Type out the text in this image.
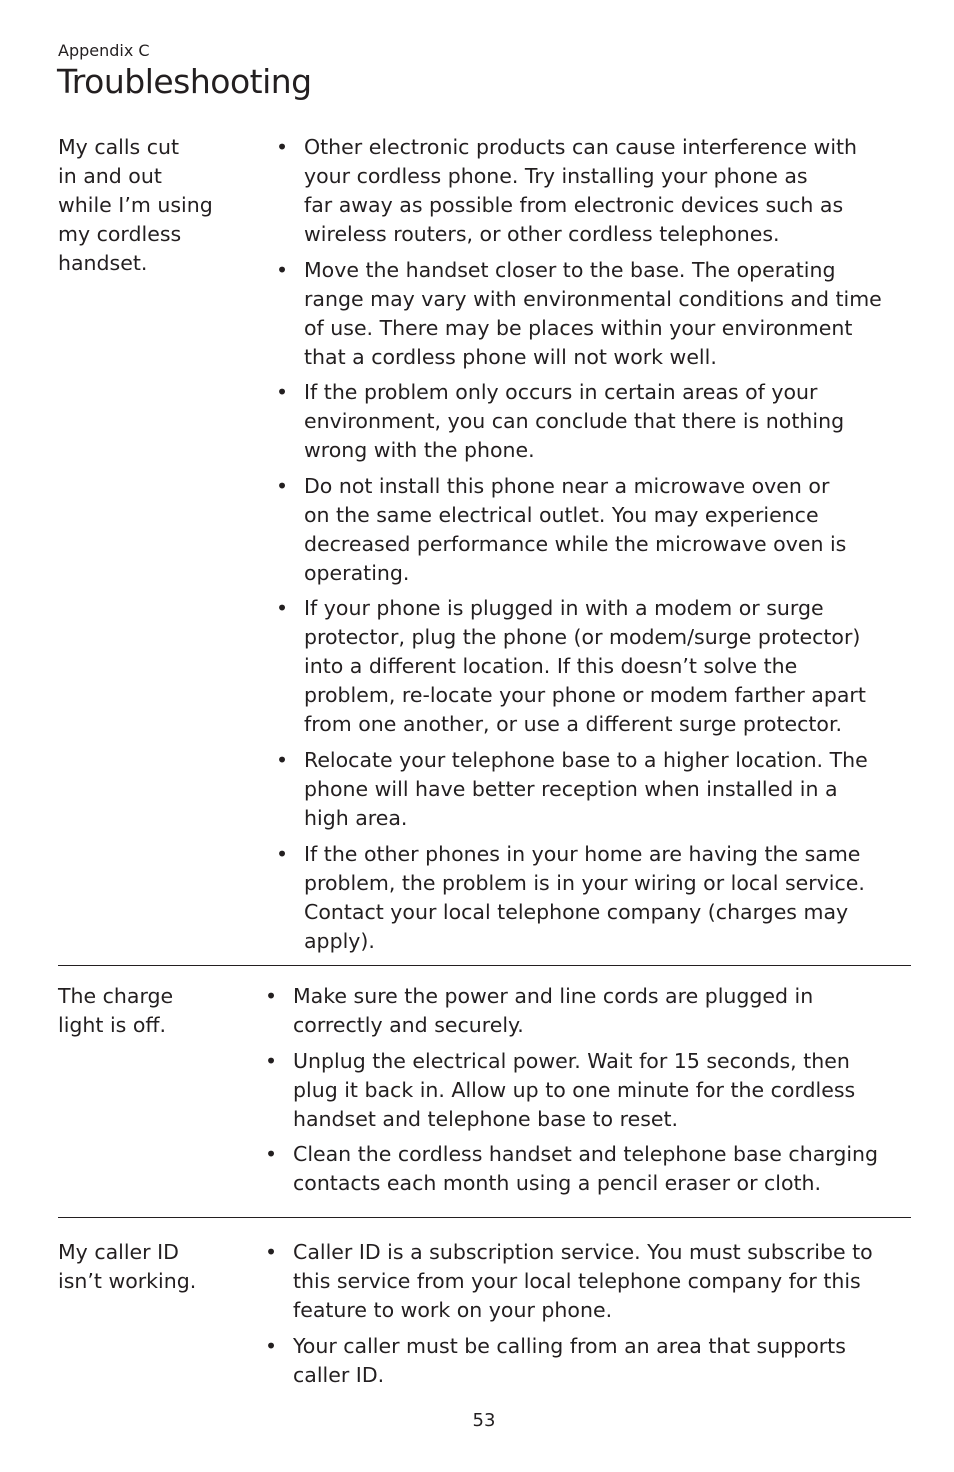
Appendix C
Troubleshooting
My calls cut
in and out
while I’m using
my cordless
handset.
• Other electronic products can cause interference with
your cordless phone. Try installing your phone as
far away as possible from electronic devices such as
wireless routers, or other cordless telephones.
• Move the handset closer to the base. The operating
range may vary with environmental conditions and time
of use. There may be places within your environment
that a cordless phone will not work well.
• If the problem only occurs in certain areas of your
environment, you can conclude that there is nothing
wrong with the phone.
• Do not install this phone near a microwave oven or
on the same electrical outlet. You may experience
decreased performance while the microwave oven is
operating.
• If your phone is plugged in with a modem or surge
protector, plug the phone (or modem/surge protector)
into a different location. If this doesn’t solve the
problem, re-locate your phone or modem farther apart
from one another, or use a different surge protector.
• Relocate your telephone base to a higher location. The
phone will have better reception when installed in a
high area.
• If the other phones in your home are having the same
problem, the problem is in your wiring or local service.
Contact your local telephone company (charges may
apply).
The charge
light is off.
• Make sure the power and line cords are plugged in
correctly and securely.
• Unplug the electrical power. Wait for 15 seconds, then
plug it back in. Allow up to one minute for the cordless
handset and telephone base to reset.
• Clean the cordless handset and telephone base charging
contacts each month using a pencil eraser or cloth.
My caller ID
isn’t working.
• Caller ID is a subscription service. You must subscribe to
this service from your local telephone company for this
feature to work on your phone.
• Your caller must be calling from an area that supports
caller ID.
53
